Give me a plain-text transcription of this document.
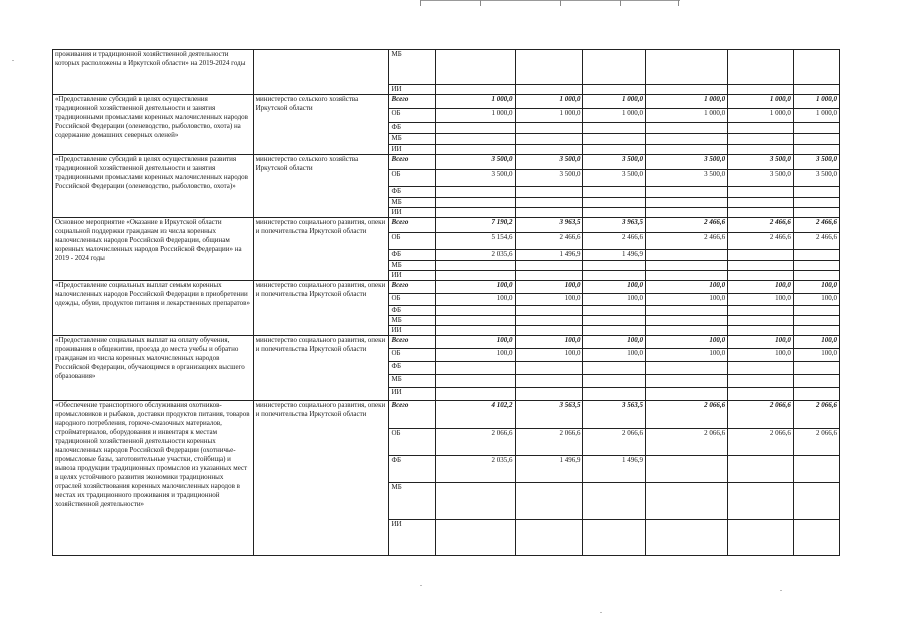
проживания и традиционной хозяйственной деятельности которых расположены в Иркутской области» на 2019-2024 годы		МБ						
		ИИ						
«Предоставление субсидий в целях осуществления традиционной хозяйственной деятельности и занятия традиционными промыслами коренных малочисленных народов Российской Федерации (оленеводство, рыболовство, охота) на содержание домашних северных оленей»	министерство сельского хозяйства Иркутской области	Всего	1 000,0	1 000,0	1 000,0	1 000,0	1 000,0	1 000,0
		ОБ	1 000,0	1 000,0	1 000,0	1 000,0	1 000,0	1 000,0
		ФБ						
		МБ						
		ИИ						
«Предоставление субсидий в целях осуществления развития традиционной хозяйственной деятельности и занятия традиционными промыслами коренных малочисленных народов Российской Федерации (оленеводство, рыболовство, охота)»	министерство сельского хозяйства Иркутской области	Всего	3 500,0	3 500,0	3 500,0	3 500,0	3 500,0	3 500,0
		ОБ	3 500,0	3 500,0	3 500,0	3 500,0	3 500,0	3 500,0
		ФБ						
		МБ						
		ИИ						
Основное мероприятие «Оказание в Иркутской области социальной поддержки гражданам из числа коренных малочисленных народов Российской Федерации, общинам коренных малочисленных народов Российской Федерации» на 2019 - 2024 годы	министерство социального развития, опеки и попечительства Иркутской области	Всего	7 190,2	3 963,5	3 963,5	2 466,6	2 466,6	2 466,6
		ОБ	5 154,6	2 466,6	2 466,6	2 466,6	2 466,6	2 466,6
		ФБ	2 035,6	1 496,9	1 496,9			
		МБ						
		ИИ						
«Предоставление социальных выплат семьям коренных малочисленных народов Российской Федерации в приобретении одежды, обуви, продуктов питания и лекарственных препаратов»	министерство социального развития, опеки и попечительства Иркутской области	Всего	100,0	100,0	100,0	100,0	100,0	100,0
		ОБ	100,0	100,0	100,0	100,0	100,0	100,0
		ФБ						
		МБ						
		ИИ						
«Предоставление социальных выплат на оплату обучения, проживания в общежитии, проезда до места учебы и обратно гражданам из числа коренных малочисленных народов Российской Федерации, обучающимся в организациях высшего образования»	министерство социального развития, опеки и попечительства Иркутской области	Всего	100,0	100,0	100,0	100,0	100,0	100,0
		ОБ	100,0	100,0	100,0	100,0	100,0	100,0
		ФБ						
		МБ						
		ИИ						
«Обеспечение транспортного обслуживания охотников-промысловиков и рыбаков, доставки продуктов питания, товаров народного потребления, горюче-смазочных материалов, стройматериалов, оборудования и инвентаря к местам традиционной хозяйственной деятельности коренных малочисленных народов Российской Федерации (охотничье-промысловые базы, заготовительные участки, стойбища) и вывоза продукции традиционных промыслов из указанных мест в целях устойчивого развития экономики традиционных отраслей хозяйствования коренных малочисленных народов в местах их традиционного проживания и традиционной хозяйственной деятельности»	министерство социального развития, опеки и попечительства Иркутской области	Всего	4 102,2	3 563,5	3 563,5	2 066,6	2 066,6	2 066,6
		ОБ	2 066,6	2 066,6	2 066,6	2 066,6	2 066,6	2 066,6
		ФБ	2 035,6	1 496,9	1 496,9			
		МБ						
		ИИ						
